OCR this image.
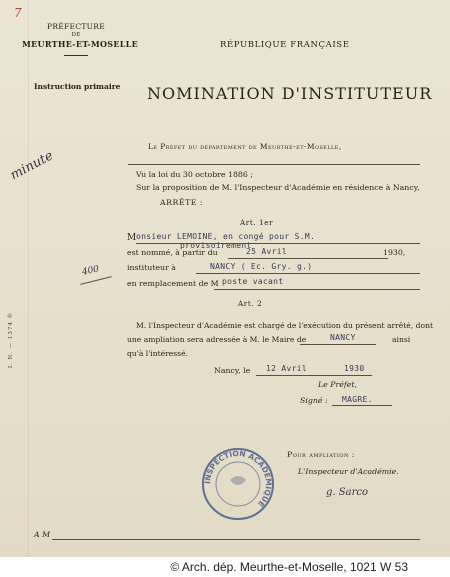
7
PRÉFECTURE
DE
MEURTHE-ET-MOSELLE
Instruction primaire
RÉPUBLIQUE FRANÇAISE
NOMINATION D'INSTITUTEUR
minute
400
I. N. — 1374 ®
Le Préfet du département de Meurthe-et-Moselle,
Vu la loi du 30 octobre 1886 ;
Sur la proposition de M. l'Inspecteur d'Académie en résidence à Nancy,
ARRÊTE :
Art. 1er
M onsieur LEMOINE, en congé pour S.M.
provisoirement
est nommé, à partir du	25 Avril	1930,
instituteur à	NANCY ( Ec. Gry. g.)
en remplacement de M poste vacant
Art. 2
M. l'Inspecteur d'Académie est chargé de l'exécution du présent arrêté, dont
une ampliation sera adressée à M. le Maire de	NANCY	ainsi
qu'à l'intéressé.
Nancy, le 12 Avril	1930
Le Préfet,
Signé : MAGRE.
Pour ampliation :
L'Inspecteur d'Académie.
g. Sarco
INSPECTION ACADÉMIQUE
A M
© Arch. dép. Meurthe-et-Moselle, 1021 W 53
